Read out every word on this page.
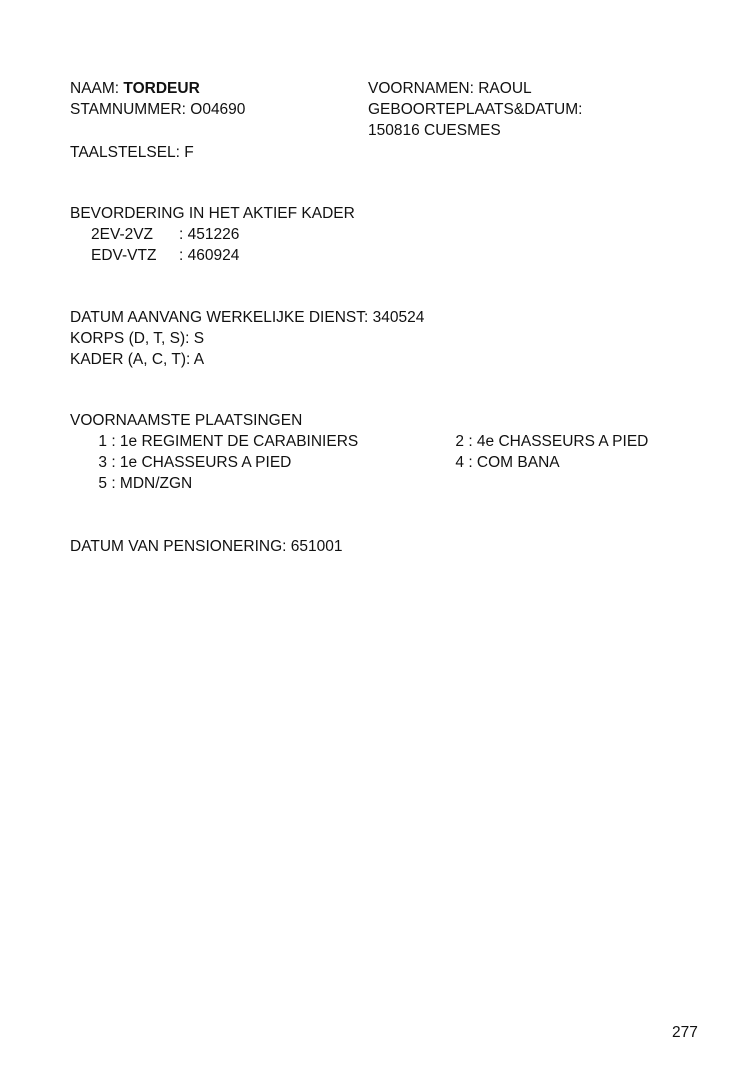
NAAM: TORDEUR
STAMNUMMER: O04690
VOORNAMEN: RAOUL
GEBOORTEPLAATS&DATUM:
150816 CUESMES
TAALSTELSEL: F
BEVORDERING IN HET AKTIEF KADER
2EV-2VZ : 451226
EDV-VTZ : 460924
DATUM AANVANG WERKELIJKE DIENST: 340524
KORPS (D, T, S): S
KADER (A, C, T): A
VOORNAAMSTE PLAATSINGEN
1 : 1e REGIMENT DE CARABINIERS	2 : 4e CHASSEURS A PIED
3 : 1e CHASSEURS A PIED	4 : COM BANA
5 : MDN/ZGN
DATUM VAN PENSIONERING: 651001
277
